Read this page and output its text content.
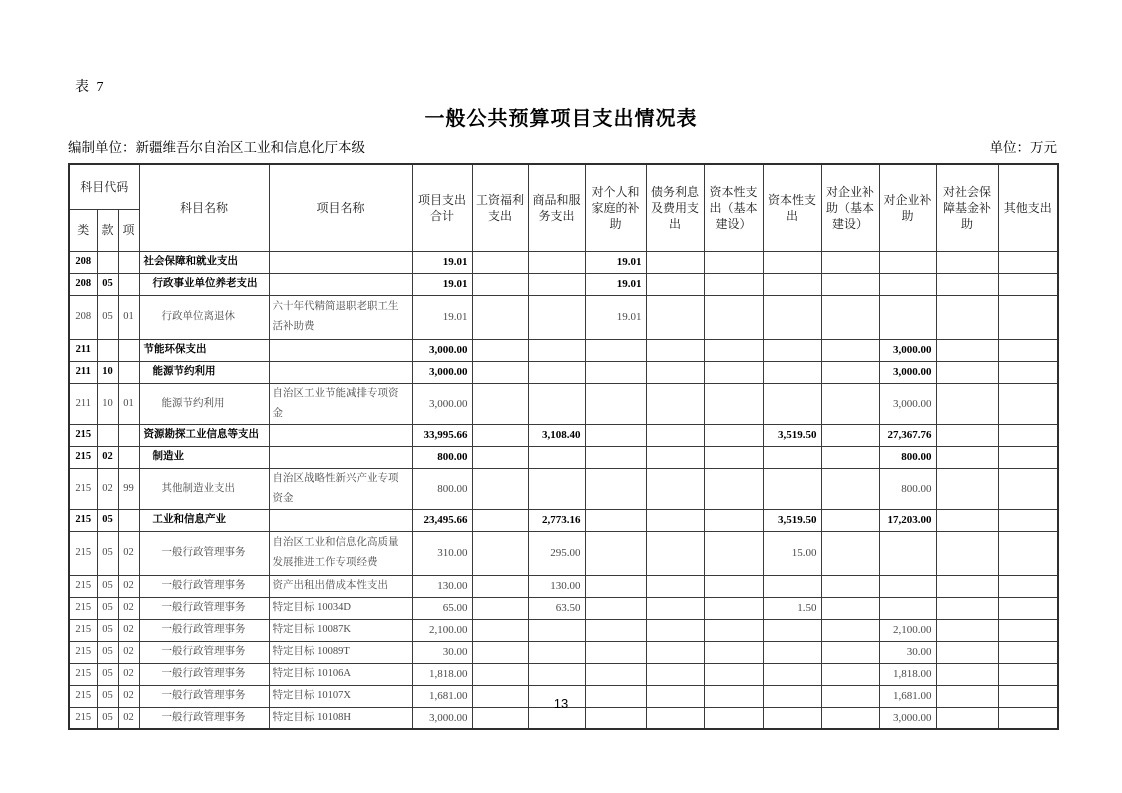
表 7
一般公共预算项目支出情况表
编制单位：新疆维吾尔自治区工业和信息化厅本级	单位：万元
科目代码			科目名称	项目名称	项目支出合计	工资福利支出	商品和服务支出	对个人和家庭的补助	债务利息及费用支出	资本性支出（基本建设）	资本性支出	对企业补助（基本建设）	对企业补助	对社会保障基金补助	其他支出
类	款	项													
208			社会保障和就业支出		19.01			19.01							
208	05		行政事业单位养老支出		19.01			19.01							
208	05	01	行政单位离退休	六十年代精简退职老职工生活补助费	19.01			19.01							
211			节能环保支出		3,000.00								3,000.00		
211	10		能源节约利用		3,000.00								3,000.00		
211	10	01	能源节约利用	自治区工业节能减排专项资金	3,000.00								3,000.00		
215			资源勘探工业信息等支出		33,995.66		3,108.40				3,519.50		27,367.76		
215	02		制造业		800.00								800.00		
215	02	99	其他制造业支出	自治区战略性新兴产业专项资金	800.00								800.00		
215	05		工业和信息产业		23,495.66		2,773.16				3,519.50		17,203.00		
215	05	02	一般行政管理事务	自治区工业和信息化高质量发展推进工作专项经费	310.00		295.00				15.00				
215	05	02	一般行政管理事务	资产出租出借成本性支出	130.00		130.00								
215	05	02	一般行政管理事务	特定目标 10034D	65.00		63.50				1.50				
215	05	02	一般行政管理事务	特定目标 10087K	2,100.00								2,100.00		
215	05	02	一般行政管理事务	特定目标 10089T	30.00								30.00		
215	05	02	一般行政管理事务	特定目标 10106A	1,818.00								1,818.00		
215	05	02	一般行政管理事务	特定目标 10107X	1,681.00								1,681.00		
215	05	02	一般行政管理事务	特定目标 10108H	3,000.00								3,000.00		
13
